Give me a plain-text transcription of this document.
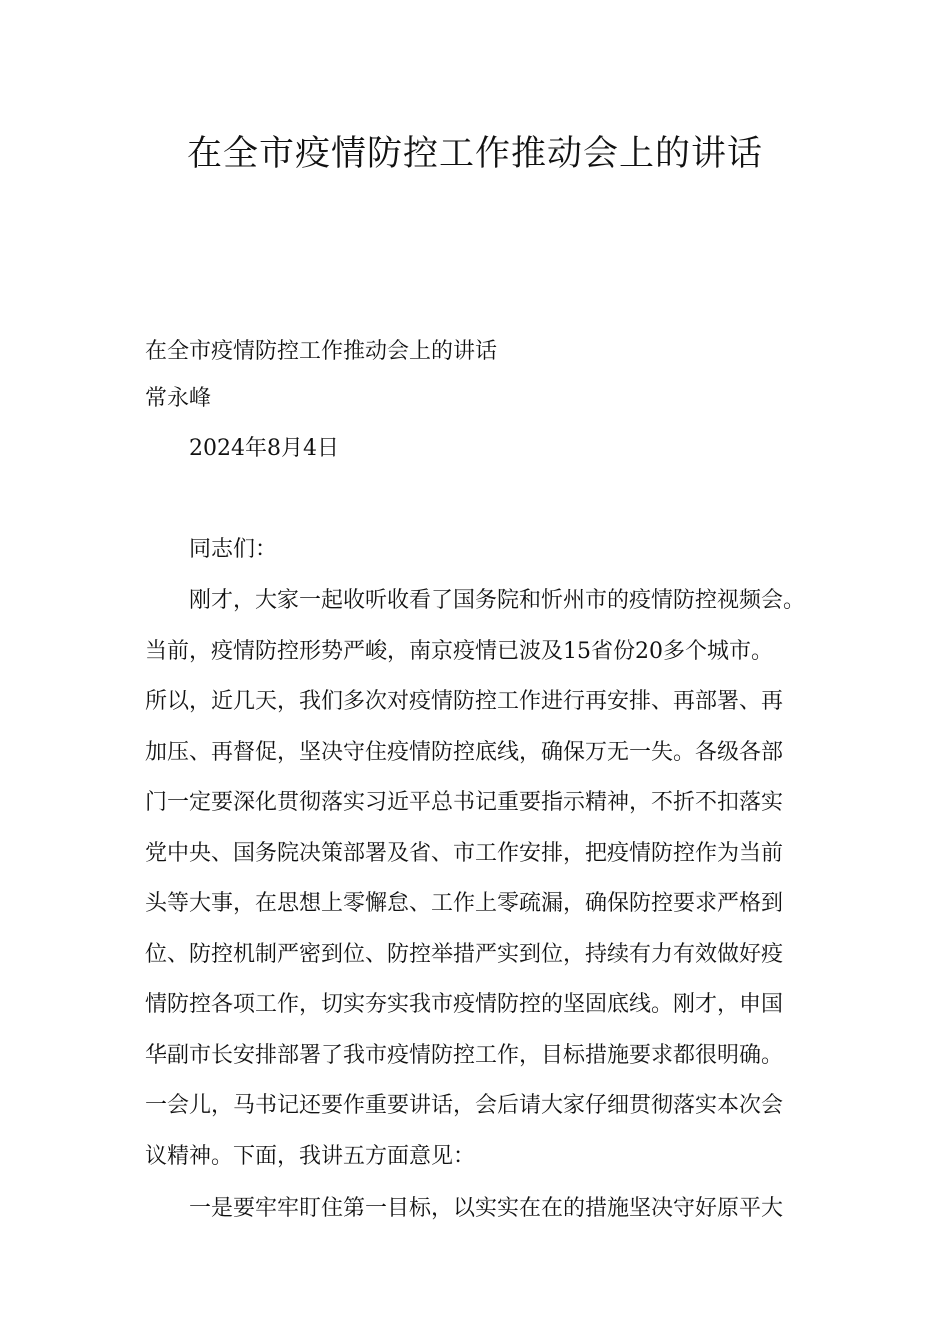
在全市疫情防控工作推动会上的讲话
在全市疫情防控工作推动会上的讲话
常永峰
2024年8月4日
同志们：
刚才，大家一起收听收看了国务院和忻州市的疫情防控视频会。
当前，疫情防控形势严峻，南京疫情已波及15省份20多个城市。
所以，近几天，我们多次对疫情防控工作进行再安排、再部署、再
加压、再督促，坚决守住疫情防控底线，确保万无一失。各级各部
门一定要深化贯彻落实习近平总书记重要指示精神，不折不扣落实
党中央、国务院决策部署及省、市工作安排，把疫情防控作为当前
头等大事，在思想上零懈怠、工作上零疏漏，确保防控要求严格到
位、防控机制严密到位、防控举措严实到位，持续有力有效做好疫
情防控各项工作，切实夯实我市疫情防控的坚固底线。刚才，申国
华副市长安排部署了我市疫情防控工作，目标措施要求都很明确。
一会儿，马书记还要作重要讲话，会后请大家仔细贯彻落实本次会
议精神。下面，我讲五方面意见：
一是要牢牢盯住第一目标，以实实在在的措施坚决守好原平大
